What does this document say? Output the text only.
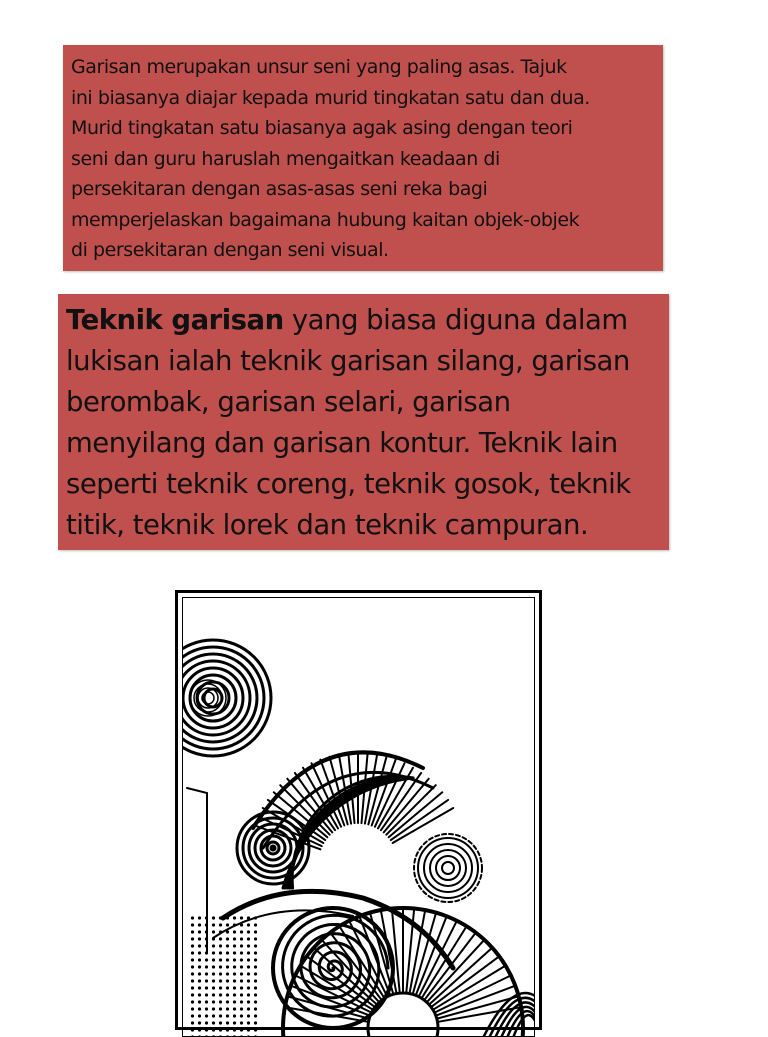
Garisan merupakan unsur seni yang paling asas. Tajuk
ini biasanya diajar kepada murid tingkatan satu dan dua.
Murid tingkatan satu biasanya agak asing dengan teori
seni dan guru haruslah mengaitkan keadaan di
persekitaran dengan asas-asas seni reka bagi
memperjelaskan bagaimana hubung kaitan objek-objek
di persekitaran dengan seni visual.
Teknik garisan yang biasa diguna dalam
lukisan ialah teknik garisan silang, garisan
berombak, garisan selari, garisan
menyilang dan garisan kontur. Teknik lain
seperti teknik coreng, teknik gosok, teknik
titik, teknik lorek dan teknik campuran.
